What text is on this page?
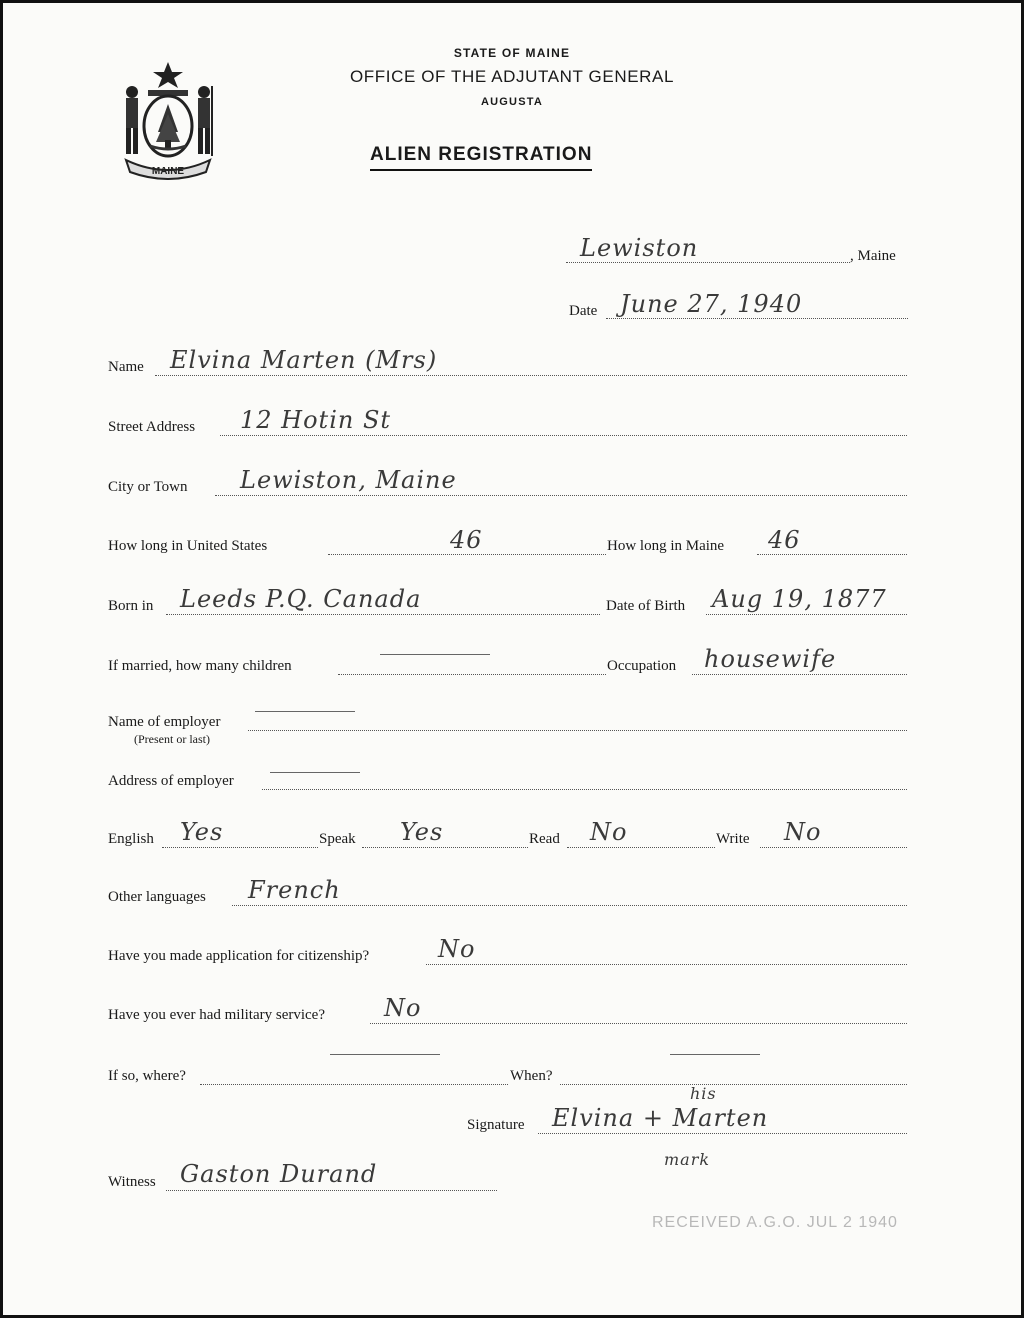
MAINE
STATE OF MAINE
OFFICE OF THE ADJUTANT GENERAL
AUGUSTA
ALIEN REGISTRATION
Lewiston	, Maine
Date June 27, 1940
Name Elvina Marten (Mrs)
Street Address 12 Hotin St
City or Town Lewiston, Maine
How long in United States	46	How long in Maine 46
Born in Leeds P.Q. Canada	Date of Birth Aug 19, 1877
If married, how many children	Occupation housewife
Name of employer
(Present or last)
Address of employer
English Yes	Speak Yes	Read No	Write No
Other languages French
Have you made application for citizenship?	No
Have you ever had military service? No
If so, where?	When?
his
Signature Elvina + Marten
mark
Witness Gaston Durand
RECEIVED A.G.O. JUL 2 1940
